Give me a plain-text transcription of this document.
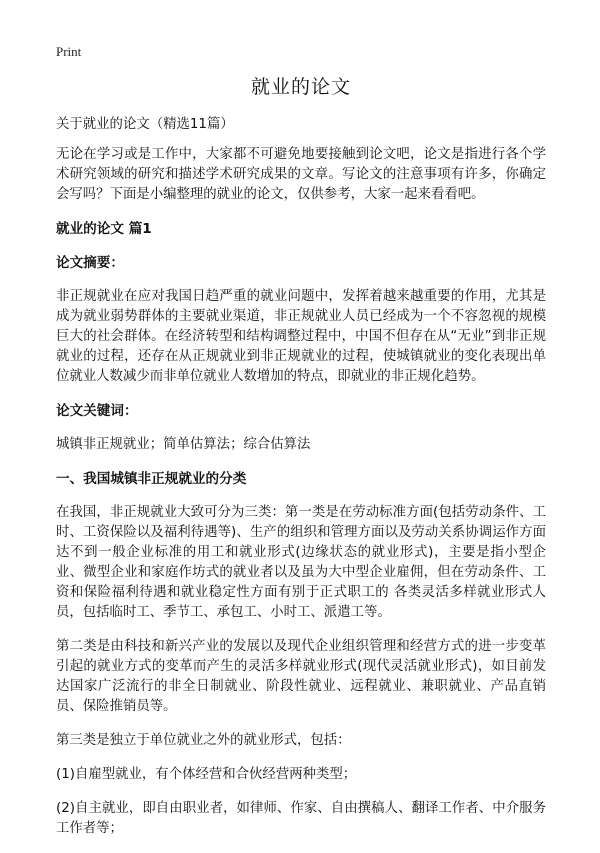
Print
就业的论文

关于就业的论文（精选11篇）

无论在学习或是工作中，大家都不可避免地要接触到论文吧，论文是指进行各个学术研究领域的研究和描述学术研究成果的文章。写论文的注意事项有许多，你确定会写吗？下面是小编整理的就业的论文，仅供参考，大家一起来看看吧。

就业的论文 篇1
论文摘要：

非正规就业在应对我国日趋严重的就业问题中，发挥着越来越重要的作用，尤其是成为就业弱势群体的主要就业渠道，非正规就业人员已经成为一个不容忽视的规模巨大的社会群体。在经济转型和结构调整过程中，中国不但存在从“无业”到非正规就业的过程，还存在从正规就业到非正规就业的过程，使城镇就业的变化表现出单位就业人数减少而非单位就业人数增加的特点，即就业的非正规化趋势。

论文关键词：

城镇非正规就业；简单估算法；综合估算法

一、我国城镇非正规就业的分类

在我国，非正规就业大致可分为三类：第一类是在劳动标准方面(包括劳动条件、工时、工资保险以及福利待遇等)、生产的组织和管理方面以及劳动关系协调运作方面达不到一般企业标准的用工和就业形式(边缘状态的就业形式)，主要是指小型企业、微型企业和家庭作坊式的就业者以及虽为大中型企业雇佣，但在劳动条件、工资和保险福利待遇和就业稳定性方面有别于正式职工的 各类灵活多样就业形式人员，包括临时工、季节工、承包工、小时工、派遣工等。

第二类是由科技和新兴产业的发展以及现代企业组织管理和经营方式的进一步变革引起的就业方式的变革而产生的灵活多样就业形式(现代灵活就业形式)，如目前发达国家广泛流行的非全日制就业、阶段性就业、远程就业、兼职就业、产品直销员、保险推销员等。

第三类是独立于单位就业之外的就业形式，包括：

(1)自雇型就业，有个体经营和合伙经营两种类型；

(2)自主就业，即自由职业者，如律师、作家、自由撰稿人、翻译工作者、中介服务工作者等；
